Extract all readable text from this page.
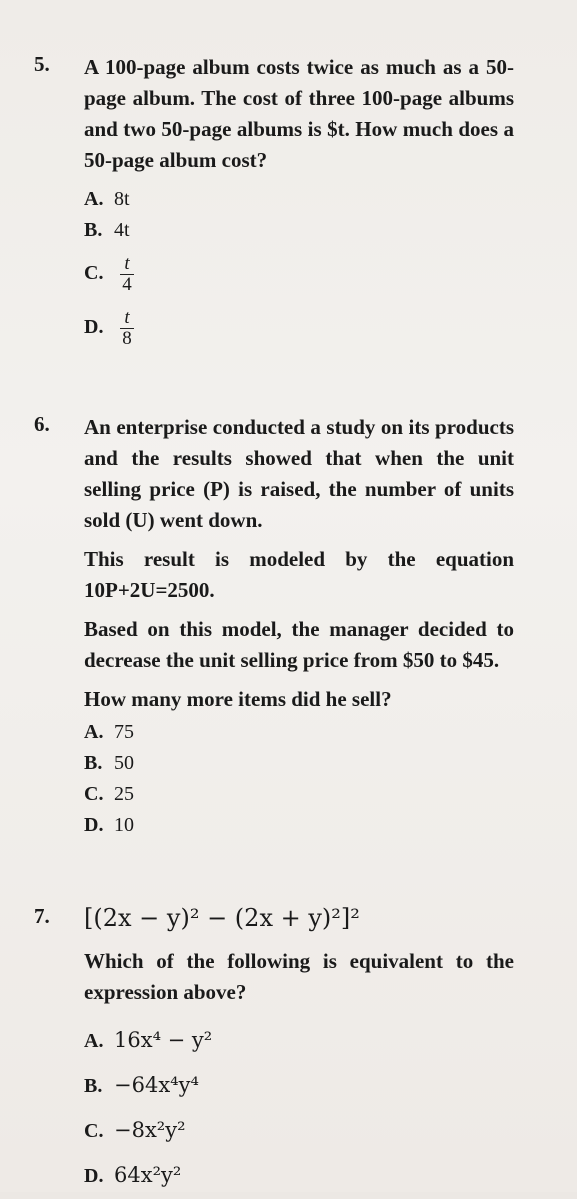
5. A 100-page album costs twice as much as a 50-page album. The cost of three 100-page albums and two 50-page albums is $t. How much does a 50-page album cost?
A. 8t
B. 4t
C. $\frac{t}{4}$
D. $\frac{t}{8}$
6. An enterprise conducted a study on its products and the results showed that when the unit selling price (P) is raised, the number of units sold (U) went down.
This result is modeled by the equation 10P+2U=2500.
Based on this model, the manager decided to decrease the unit selling price from $50 to $45.
How many more items did he sell?
A. 75
B. 50
C. 25
D. 10
7. [(2x − y)² − (2x + y)²]²
Which of the following is equivalent to the expression above?
A. 16x⁴ − y²
B. −64x⁴y⁴
C. −8x²y²
D. 64x²y²
